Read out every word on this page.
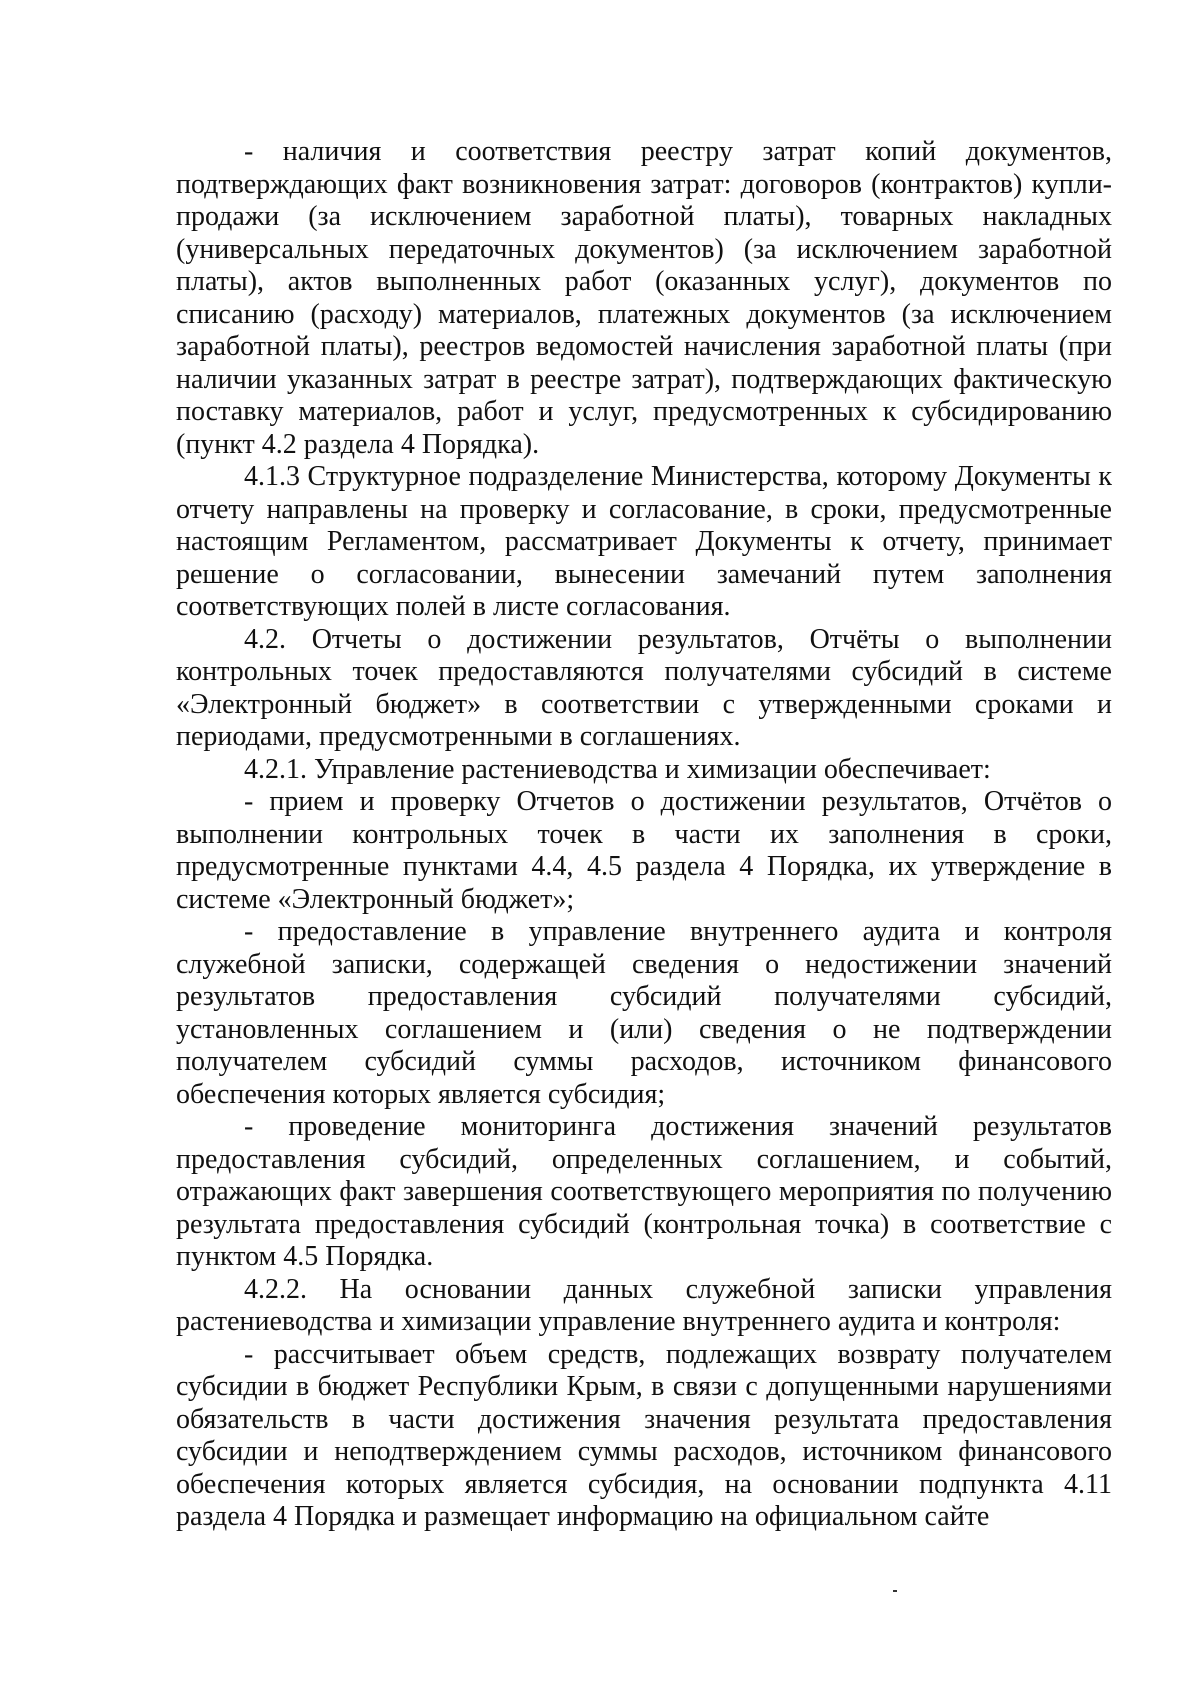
- наличия и соответствия реестру затрат копий документов, подтверждающих факт возникновения затрат: договоров (контрактов) купли-продажи (за исключением заработной платы), товарных накладных (универсальных передаточных документов) (за исключением заработной платы), актов выполненных работ (оказанных услуг), документов по списанию (расходу) материалов, платежных документов (за исключением заработной платы), реестров ведомостей начисления заработной платы (при наличии указанных затрат в реестре затрат), подтверждающих фактическую поставку материалов, работ и услуг, предусмотренных к субсидированию (пункт 4.2 раздела 4 Порядка).

4.1.3 Структурное подразделение Министерства, которому Документы к отчету направлены на проверку и согласование, в сроки, предусмотренные настоящим Регламентом, рассматривает Документы к отчету, принимает решение о согласовании, вынесении замечаний путем заполнения соответствующих полей в листе согласования.

4.2. Отчеты о достижении результатов, Отчёты о выполнении контрольных точек предоставляются получателями субсидий в системе «Электронный бюджет» в соответствии с утвержденными сроками и периодами, предусмотренными в соглашениях.

4.2.1. Управление растениеводства и химизации обеспечивает:

- прием и проверку Отчетов о достижении результатов, Отчётов о выполнении контрольных точек в части их заполнения в сроки, предусмотренные пунктами 4.4, 4.5 раздела 4 Порядка, их утверждение в системе «Электронный бюджет»;

- предоставление в управление внутреннего аудита и контроля служебной записки, содержащей сведения о недостижении значений результатов предоставления субсидий получателями субсидий, установленных соглашением и (или) сведения о не подтверждении получателем субсидий суммы расходов, источником финансового обеспечения которых является субсидия;

- проведение мониторинга достижения значений результатов предоставления субсидий, определенных соглашением, и событий, отражающих факт завершения соответствующего мероприятия по получению результата предоставления субсидий (контрольная точка) в соответствие с пунктом 4.5 Порядка.

4.2.2. На основании данных служебной записки управления растениеводства и химизации управление внутреннего аудита и контроля:

- рассчитывает объем средств, подлежащих возврату получателем субсидии в бюджет Республики Крым, в связи с допущенными нарушениями обязательств в части достижения значения результата предоставления субсидии и неподтверждением суммы расходов, источником финансового обеспечения которых является субсидия, на основании подпункта 4.11 раздела 4 Порядка и размещает информацию на официальном сайте
